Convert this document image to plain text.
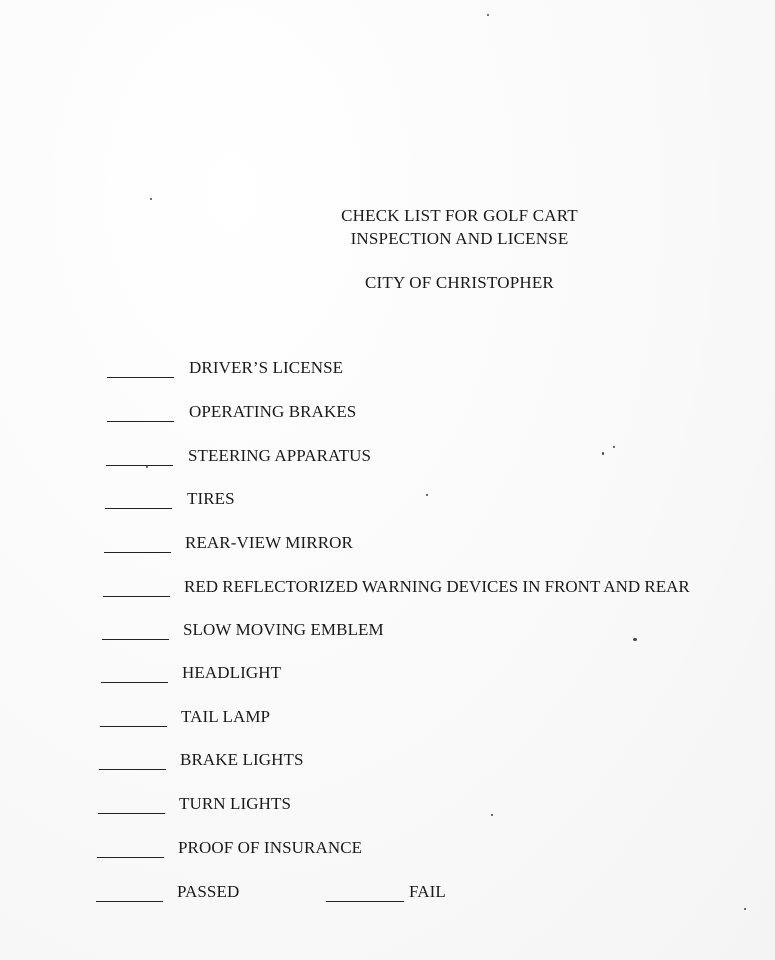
CHECK LIST FOR GOLF CART
INSPECTION AND LICENSE
CITY OF CHRISTOPHER
DRIVER’S LICENSE
OPERATING BRAKES
STEERING APPARATUS
TIRES
REAR-VIEW MIRROR
RED REFLECTORIZED WARNING DEVICES IN FRONT AND REAR
SLOW MOVING EMBLEM
HEADLIGHT
TAIL LAMP
BRAKE LIGHTS
TURN LIGHTS
PROOF OF INSURANCE
PASSED	FAIL
